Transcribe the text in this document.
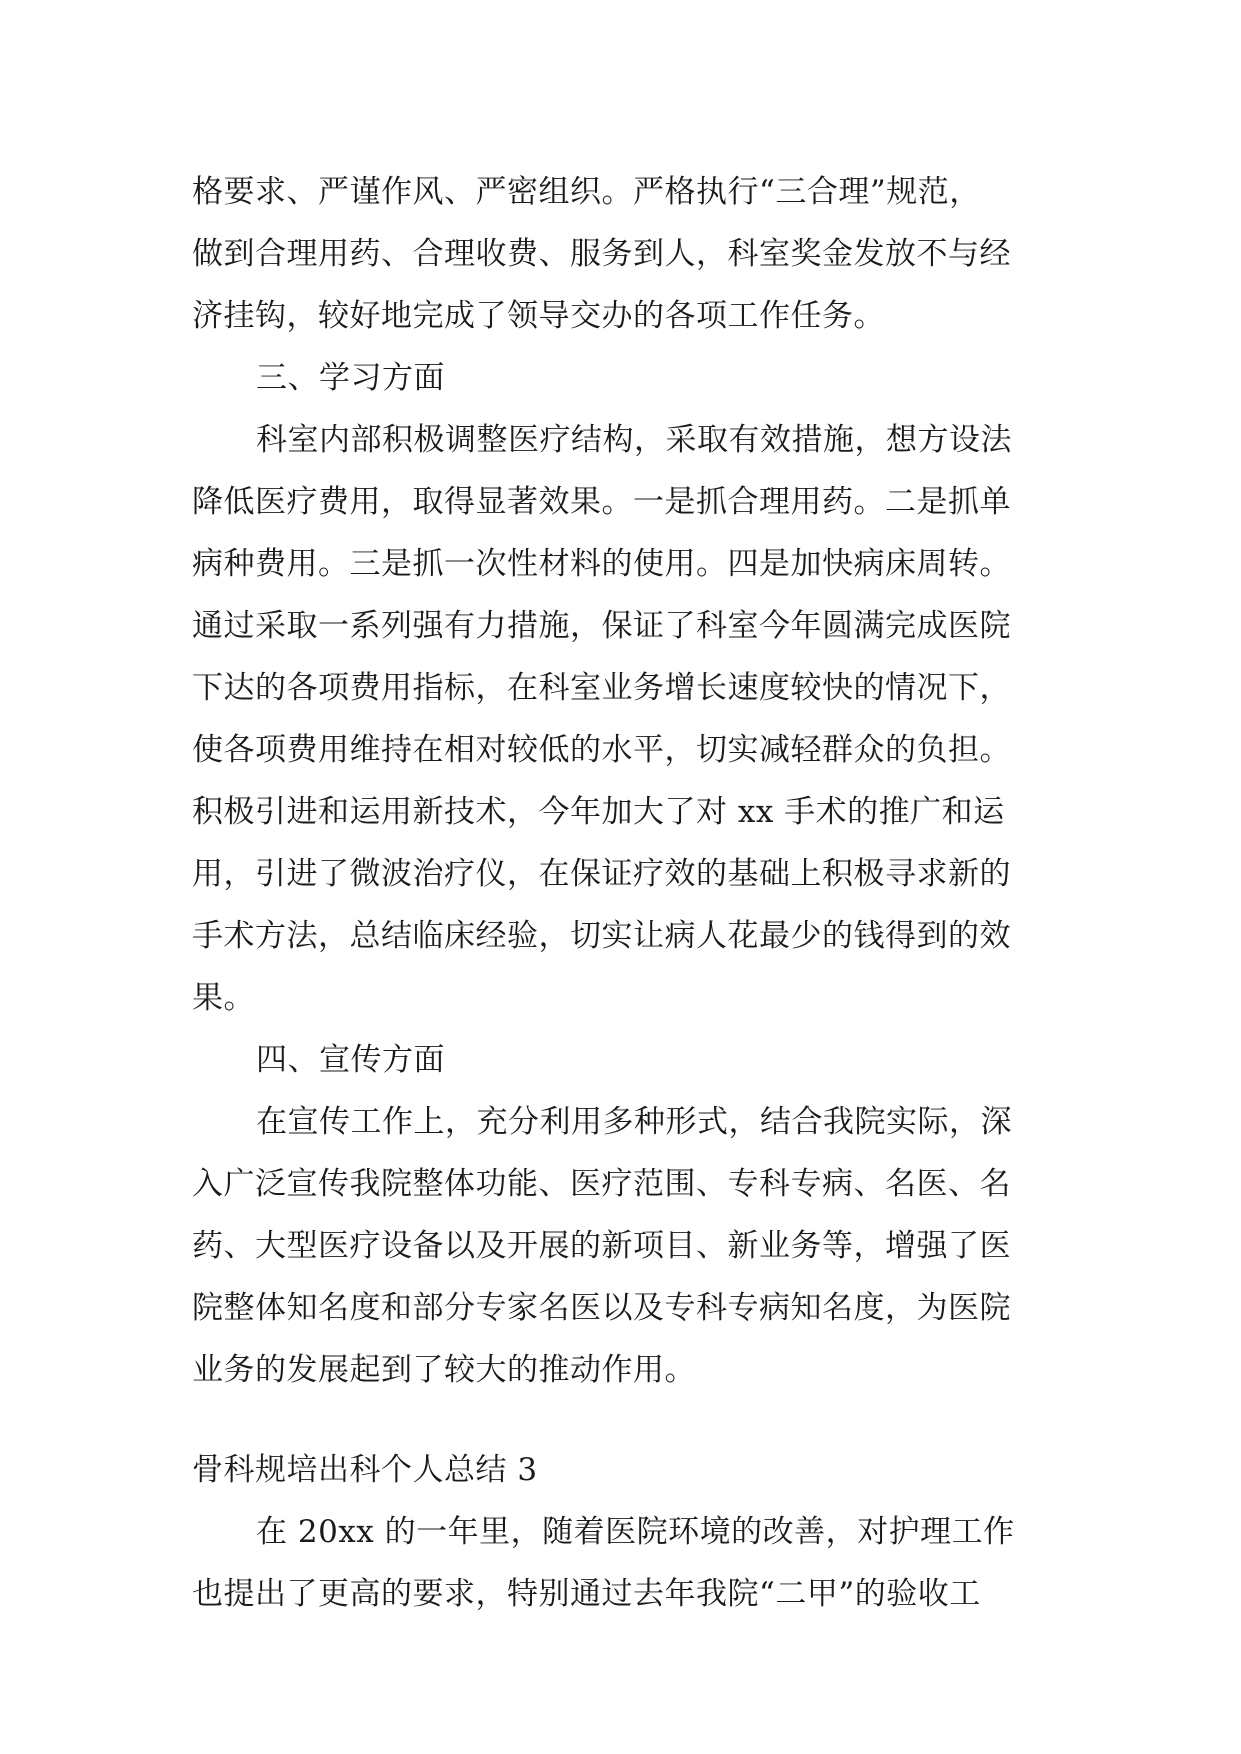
格要求、严谨作风、严密组织。严格执行“三合理”规范，
做到合理用药、合理收费、服务到人，科室奖金发放不与经
济挂钩，较好地完成了领导交办的各项工作任务。
三、学习方面
科室内部积极调整医疗结构，采取有效措施，想方设法
降低医疗费用，取得显著效果。一是抓合理用药。二是抓单
病种费用。三是抓一次性材料的使用。四是加快病床周转。
通过采取一系列强有力措施，保证了科室今年圆满完成医院
下达的各项费用指标，在科室业务增长速度较快的情况下，
使各项费用维持在相对较低的水平，切实减轻群众的负担。
积极引进和运用新技术，今年加大了对 xx 手术的推广和运
用，引进了微波治疗仪，在保证疗效的基础上积极寻求新的
手术方法，总结临床经验，切实让病人花最少的钱得到的效
果。
四、宣传方面
在宣传工作上，充分利用多种形式，结合我院实际，深
入广泛宣传我院整体功能、医疗范围、专科专病、名医、名
药、大型医疗设备以及开展的新项目、新业务等，增强了医
院整体知名度和部分专家名医以及专科专病知名度，为医院
业务的发展起到了较大的推动作用。
骨科规培出科个人总结 3
在 20xx 的一年里，随着医院环境的改善，对护理工作
也提出了更高的要求，特别通过去年我院“二甲”的验收工
